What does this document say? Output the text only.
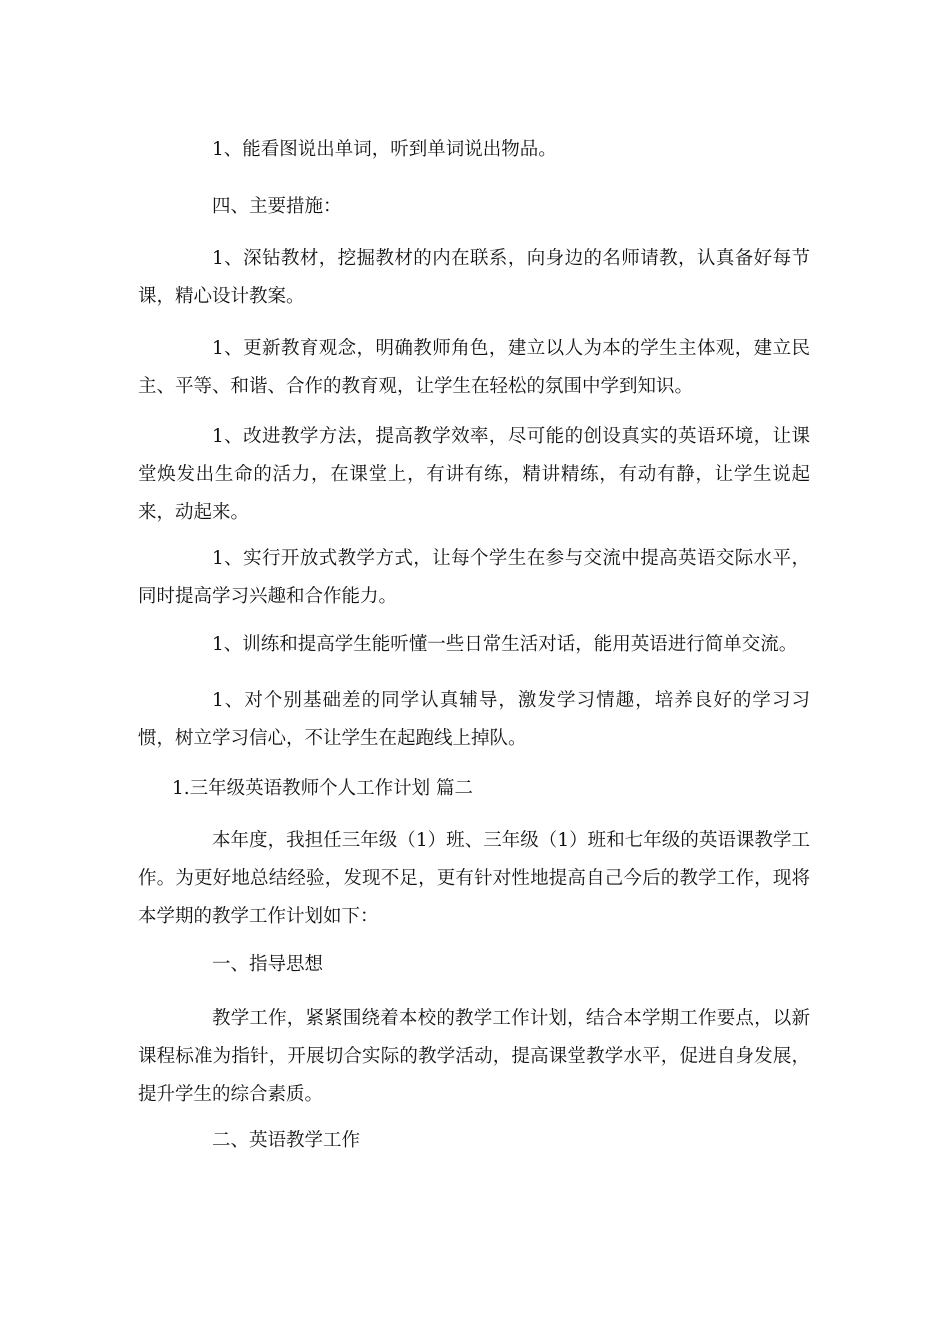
1、能看图说出单词，听到单词说出物品。

四、主要措施：

1、深钻教材，挖掘教材的内在联系，向身边的名师请教，认真备好每节课，精心设计教案。

1、更新教育观念，明确教师角色，建立以人为本的学生主体观，建立民主、平等、和谐、合作的教育观，让学生在轻松的氛围中学到知识。

1、改进教学方法，提高教学效率，尽可能的创设真实的英语环境，让课堂焕发出生命的活力，在课堂上，有讲有练，精讲精练，有动有静，让学生说起来，动起来。

1、实行开放式教学方式，让每个学生在参与交流中提高英语交际水平，同时提高学习兴趣和合作能力。

1、训练和提高学生能听懂一些日常生活对话，能用英语进行简单交流。

1、对个别基础差的同学认真辅导，激发学习情趣，培养良好的学习习惯，树立学习信心，不让学生在起跑线上掉队。

1.三年级英语教师个人工作计划 篇二

本年度，我担任三年级（1）班、三年级（1）班和七年级的英语课教学工作。为更好地总结经验，发现不足，更有针对性地提高自己今后的教学工作，现将本学期的教学工作计划如下：

一、指导思想

教学工作，紧紧围绕着本校的教学工作计划，结合本学期工作要点，以新课程标准为指针，开展切合实际的教学活动，提高课堂教学水平，促进自身发展，提升学生的综合素质。

二、英语教学工作
